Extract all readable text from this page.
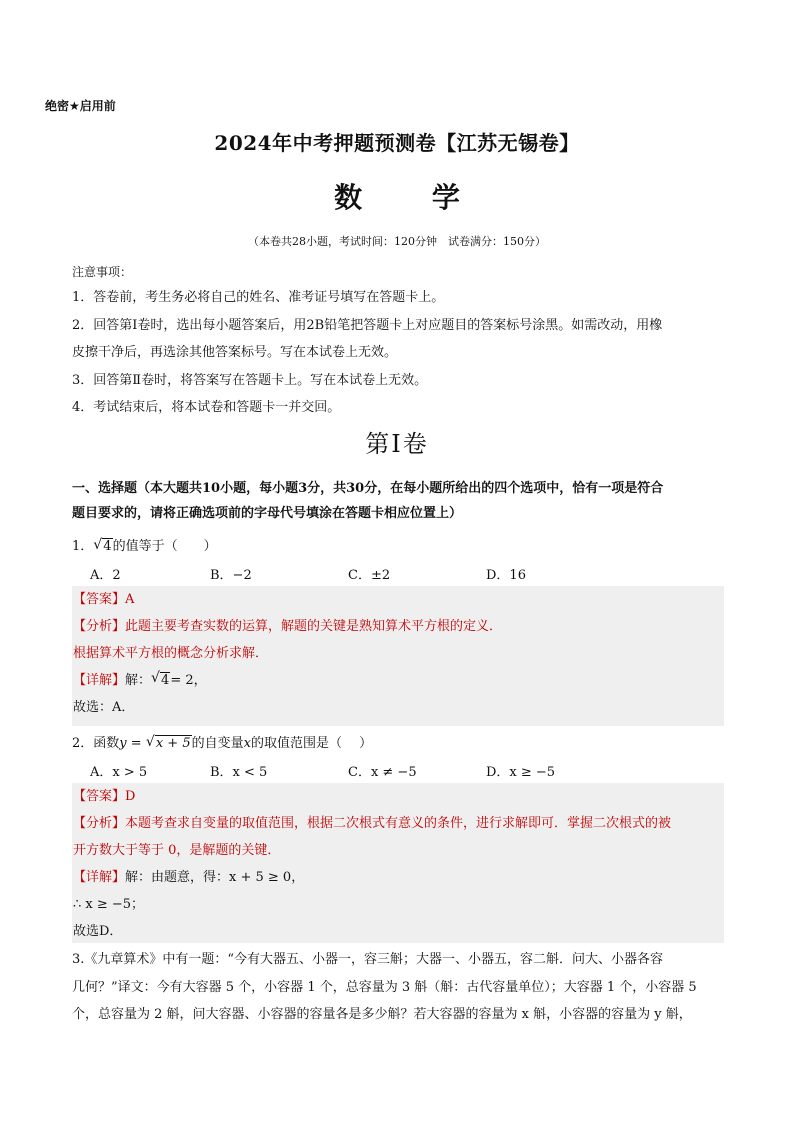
绝密★启用前
2024年中考押题预测卷【江苏无锡卷】
数 学
（本卷共28小题，考试时间：120分钟　试卷满分：150分）
注意事项：
1．答卷前，考生务必将自己的姓名、准考证号填写在答题卡上。
2．回答第Ⅰ卷时，选出每小题答案后，用2B铅笔把答题卡上对应题目的答案标号涂黑。如需改动，用橡
皮擦干净后，再选涂其他答案标号。写在本试卷上无效。
3．回答第Ⅱ卷时，将答案写在答题卡上。写在本试卷上无效。
4．考试结束后，将本试卷和答题卡一并交回。
第Ⅰ卷
一、选择题（本大题共10小题，每小题3分，共30分，在每小题所给出的四个选项中，恰有一项是符合
题目要求的，请将正确选项前的字母代号填涂在答题卡相应位置上）
1． √ 4的值等于（　　）
A．2	B．−2	C．±2	D．16
【答案】A
【分析】此题主要考查实数的运算，解题的关键是熟知算术平方根的定义．
根据算术平方根的概念分析求解．
【详解】解： √ 4= 2，
故选：A．
2．函数y = √ x + 5的自变量x的取值范围是（　 ）
A．x > 5	B．x < 5	C．x ≠ −5	D．x ≥ −5
【答案】D
【分析】本题考查求自变量的取值范围，根据二次根式有意义的条件，进行求解即可．掌握二次根式的被
开方数大于等于 0，是解题的关键．
【详解】解：由题意，得：x + 5 ≥ 0，
∴ x ≥ −5；
故选D．
3.《九章算术》中有一题：“今有大器五、小器一，容三斛；大器一、小器五，容二斛．问大、小器各容
几何？”译文：今有大容器 5 个，小容器 1 个，总容量为 3 斛（斛：古代容量单位）；大容器 1 个，小容器 5
个，总容量为 2 斛，问大容器、小容器的容量各是多少斛？若大容器的容量为 x 斛，小容器的容量为 y 斛，
